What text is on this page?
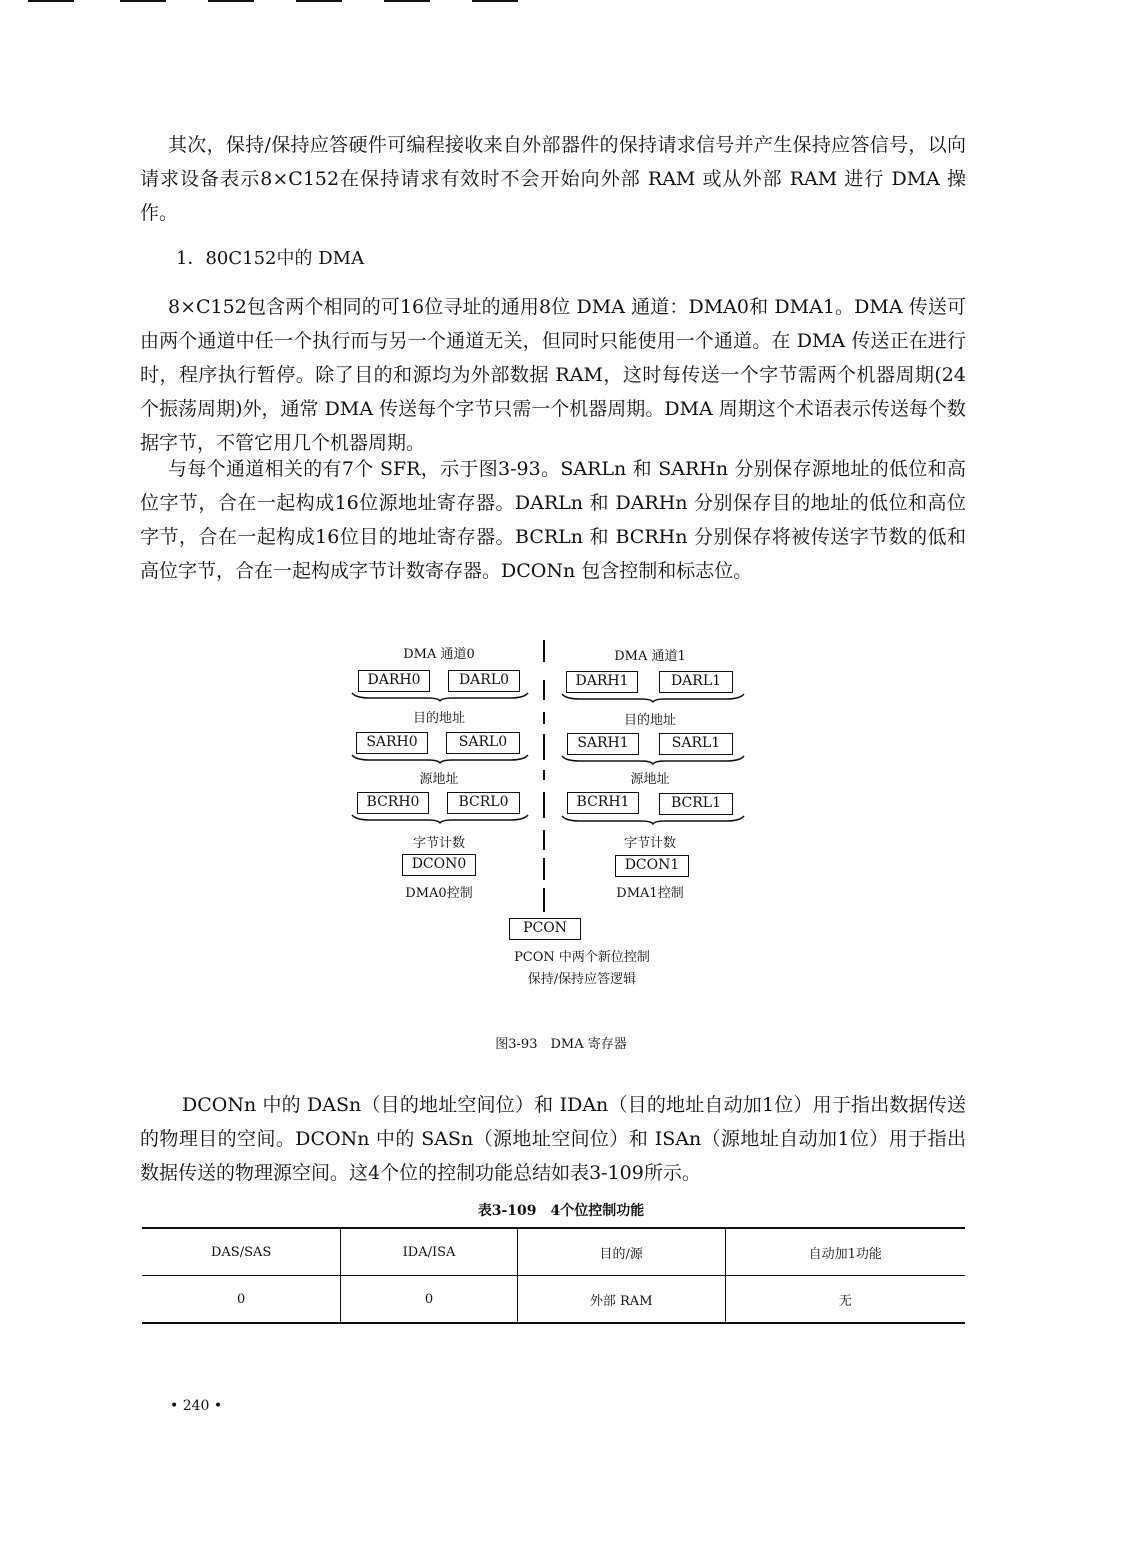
其次，保持/保持应答硬件可编程接收来自外部器件的保持请求信号并产生保持应答信号，以向请求设备表示8×C152在保持请求有效时不会开始向外部 RAM 或从外部 RAM 进行 DMA 操作。

1．80C152中的 DMA

8×C152包含两个相同的可16位寻址的通用8位 DMA 通道：DMA0和 DMA1。DMA 传送可由两个通道中任一个执行而与另一个通道无关，但同时只能使用一个通道。在 DMA 传送正在进行时，程序执行暂停。除了目的和源均为外部数据 RAM，这时每传送一个字节需两个机器周期(24个振荡周期)外，通常 DMA 传送每个字节只需一个机器周期。DMA 周期这个术语表示传送每个数据字节，不管它用几个机器周期。

与每个通道相关的有7个 SFR，示于图3-93。SARLn 和 SARHn 分别保存源地址的低位和高位字节，合在一起构成16位源地址寄存器。DARLn 和 DARHn 分别保存目的地址的低位和高位字节，合在一起构成16位目的地址寄存器。BCRLn 和 BCRHn 分别保存将被传送字节数的低和高位字节，合在一起构成字节计数寄存器。DCONn 包含控制和标志位。

DMA 通道0
DARH0	DARL0
目的地址
SARH0	SARL0
源地址
BCRH0	BCRL0
字节计数
DCON0
DMA0控制
DMA 通道1
DARH1	DARL1
目的地址
SARH1	SARL1
源地址
BCRH1	BCRL1
字节计数
DCON1
DMA1控制
PCON
PCON 中两个新位控制
保持/保持应答逻辑
图3-93　DMA 寄存器

DCONn 中的 DASn（目的地址空间位）和 IDAn（目的地址自动加1位）用于指出数据传送的物理目的空间。DCONn 中的 SASn（源地址空间位）和 ISAn（源地址自动加1位）用于指出数据传送的物理源空间。这4个位的控制功能总结如表3-109所示。

表3-109　4个位控制功能
DAS/SAS	IDA/ISA	目的/源	自动加1功能
0	0	外部 RAM	无
• 240 •
